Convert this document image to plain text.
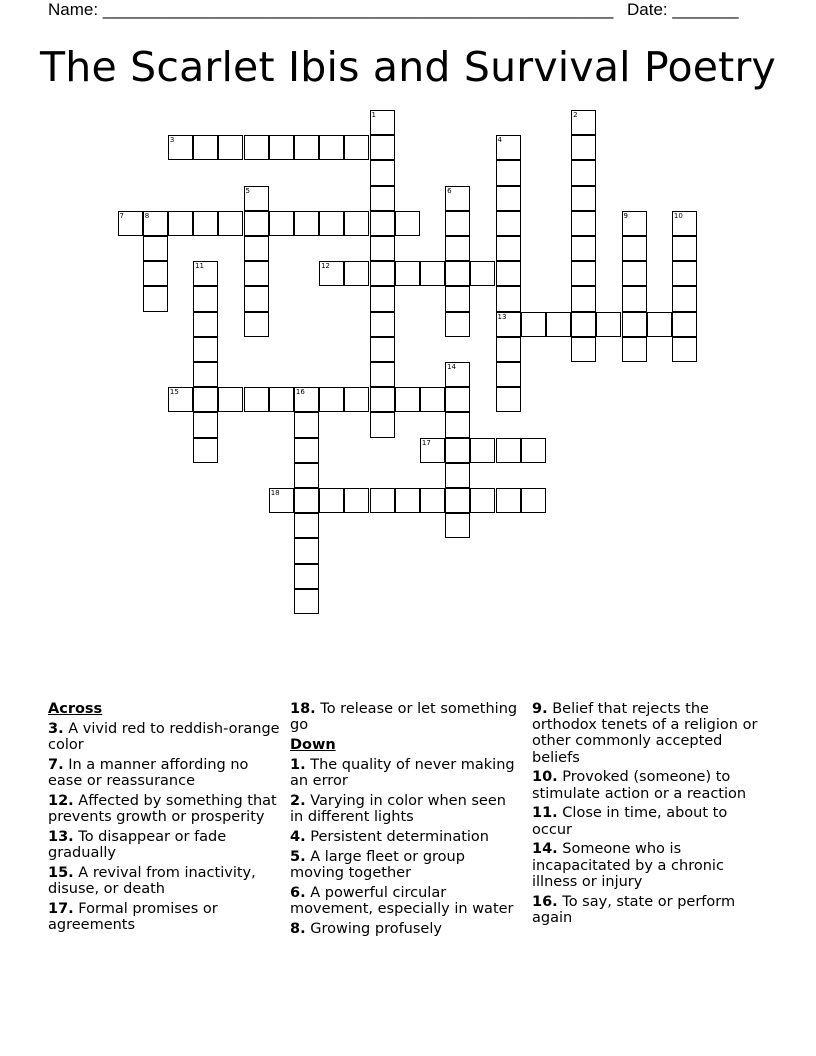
Name: ______________________________________________________ Date: _______
The Scarlet Ibis and Survival Poetry
1	2
3	4
13
5	6
7	8	9	10
11	12
14
15	16
17
18
Across
3. A vivid red to reddish-orange color
7. In a manner affording no ease or reassurance
12. Affected by something that prevents growth or prosperity
13. To disappear or fade gradually
15. A revival from inactivity, disuse, or death
17. Formal promises or agreements
18. To release or let something go
Down
1. The quality of never making an error
2. Varying in color when seen in different lights
4. Persistent determination
5. A large fleet or group moving together
6. A powerful circular movement, especially in water
8. Growing profusely
9. Belief that rejects the orthodox tenets of a religion or other commonly accepted beliefs
10. Provoked (someone) to stimulate action or a reaction
11. Close in time, about to occur
14. Someone who is incapacitated by a chronic illness or injury
16. To say, state or perform again
